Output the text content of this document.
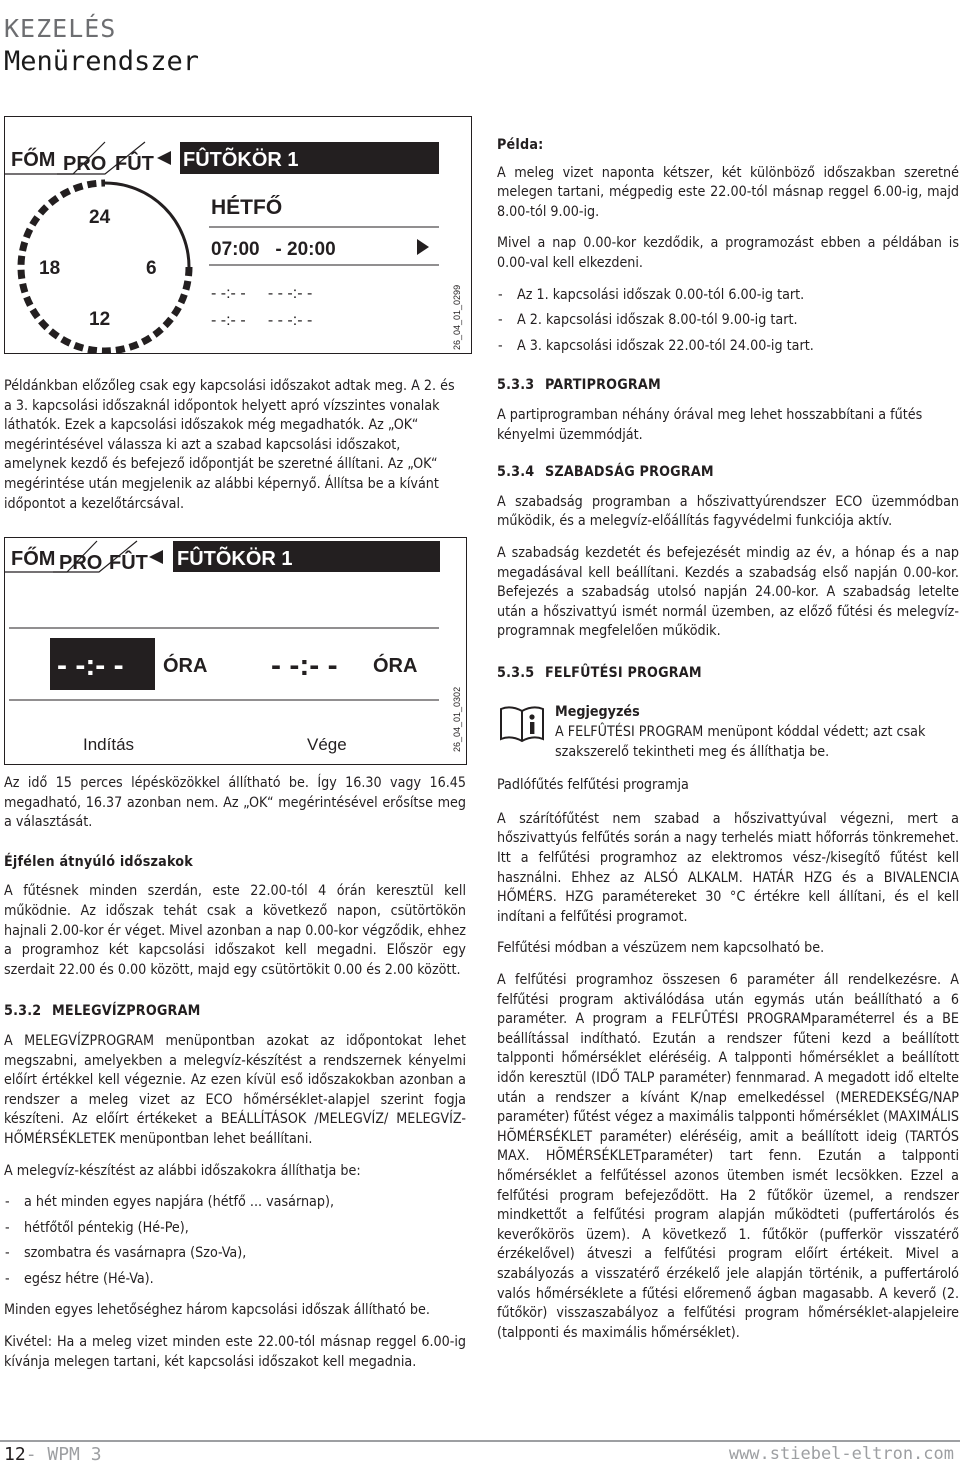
KEZELÉS
Menürendszer
FŐM PRO FÛT FÛTÕKÖR 1
24
18	6
12
HÉTFŐ
07:00   - 20:00
- -:- -     - - -:- -
- -:- -     - - -:- -	26_04_01_0299
FŐM PRO FÛT FÛTÕKÖR 1
- -:- - ÓRA - -:- - ÓRA
Indítás	Vége	26_04_01_0302

Példánkban előzőleg csak egy kapcsolási időszakot adtak meg. A 2. és a 3. kapcsolási időszaknál időpontok helyett apró vízszintes vonalak láthatók. Ezek a kapcsolási időszakok még megadhatók. Az „OK“ megérintésével válassza ki azt a szabad kapcsolási időszakot, amelynek kezdő és befejező időpontját be szeretné állítani. Az „OK“ megérintése után megjelenik az alábbi képernyő. Állítsa be a kívánt időpontot a kezelőtárcsával.

Az idő 15 perces lépésközökkel állítható be. Így 16.30 vagy 16.45 megadható, 16.37 azonban nem. Az „OK“ megérintésével erősítse meg a választását.

Éjfélen átnyúló időszakok

A fűtésnek minden szerdán, este 22.00-tól 4 órán keresztül kell működnie. Az időszak tehát csak a következő napon, csütörtökön hajnali 2.00-kor ér véget. Mivel azonban a nap 0.00-kor végződik, ehhez a programhoz két kapcsolási időszakot kell megadni. Először egy szerdait 22.00 és 0.00 között, majd egy csütörtökit 0.00 és 2.00 között.

5.3.2 MELEGVÍZPROGRAM

A MELEGVÍZPROGRAM menüpontban azokat az időpontokat lehet megszabni, amelyekben a melegvíz-készítést a rendszernek kényelmi előírt értékkel kell végeznie. Az ezen kívül eső időszakokban azonban a rendszer a meleg vizet az ECO hőmérséklet-alapjel szerint fogja készíteni. Az előírt értékeket a BEÁLLÍTÁSOK /MELEGVÍZ/ MELEGVÍZ-HŐMÉRSÉKLETEK menüpontban lehet beállítani.

A melegvíz-készítést az alábbi időszakokra állíthatja be:

- a hét minden egyes napjára (hétfő ... vasárnap),
- hétfőtől péntekig (Hé-Pe),
- szombatra és vasárnapra (Szo-Va),
- egész hétre (Hé-Va).

Minden egyes lehetőséghez három kapcsolási időszak állítható be.

Kivétel: Ha a meleg vizet minden este 22.00-tól másnap reggel 6.00-ig kívánja melegen tartani, két kapcsolási időszakot kell megadnia.

Példa:

A meleg vizet naponta kétszer, két különböző időszakban szeretné melegen tartani, mégpedig este 22.00-tól másnap reggel 6.00-ig, majd 8.00-tól 9.00-ig.

Mivel a nap 0.00-kor kezdődik, a programozást ebben a példában is 0.00-val kell elkezdeni.

- Az 1. kapcsolási időszak 0.00-tól 6.00-ig tart.
- A 2. kapcsolási időszak 8.00-tól 9.00-ig tart.
- A 3. kapcsolási időszak 22.00-tól 24.00-ig tart.
5.3.3 PARTIPROGRAM

A partiprogramban néhány órával meg lehet hosszabbítani a fűtés kényelmi üzemmódját.

5.3.4 SZABADSÁG PROGRAM

A szabadság programban a hőszivattyúrendszer ECO üzemmódban működik, és a melegvíz-előállítás fagyvédelmi funkciója aktív.

A szabadság kezdetét és befejezését mindig az év, a hónap és a nap megadásával kell beállítani. Kezdés a szabadság első napján 0.00-kor. Befejezés a szabadság utolsó napján 24.00-kor. A szabadság letelte után a hőszivattyú ismét normál üzemben, az előző fűtési és melegvíz-programnak megfelelően működik.

5.3.5 FELFÛTÉSI PROGRAM
Megjegyzés
A FELFÛTÉSI PROGRAM menüpont kóddal védett; azt csak szakszerelő tekintheti meg és állíthatja be.

Padlófűtés felfűtési programja

A szárítófűtést nem szabad a hőszivattyúval végezni, mert a hőszivattyús felfűtés során a nagy terhelés miatt hőforrás tönkremehet. Itt a felfűtési programhoz az elektromos vész-/kisegítő fűtést kell használni. Ehhez az ALSÓ ALKALM. HATÁR HZG és a BIVALENCIA HŐMÉRS. HZG paramétereket 30 °C értékre kell állítani, és el kell indítani a felfűtési programot.

Felfűtési módban a vészüzem nem kapcsolható be.

A felfűtési programhoz összesen 6 paraméter áll rendelkezésre. A felfűtési program aktiválódása után egymás után beállítható a 6 paraméter. A program a FELFÛTÉSI PROGRAMparaméterrel és a BE beállítással indítható. Ezután a rendszer fűteni kezd a beállított talpponti hőmérséklet eléréséig. A talpponti hőmérséklet a beállított időn keresztül (IDŐ TALP paraméter) fennmarad. A megadott idő eltelte után a rendszer a kívánt K/nap emelkedéssel (MEREDEKSÉG/NAP paraméter) fűtést végez a maximális talpponti hőmérséklet (MAXIMÁLIS HÕMÉRSÉKLET paraméter) eléréséig, amit a beállított ideig (TARTÓS MAX. HÕMÉRSÉKLETparaméter) tart fenn. Ezután a talpponti hőmérséklet a felfűtéssel azonos ütemben ismét lecsökken. Ezzel a felfűtési program befejeződött. Ha 2 fűtőkör üzemel, a rendszer mindkettőt a felfűtési program alapján működteti (puffertárolós és keverőkörös üzem). A következő 1. fűtőkör (pufferkör visszatérő érzékelővel) átveszi a felfűtési program előírt értékeit. Mivel a szabályozás a visszatérő érzékelő jele alapján történik, a puffertároló valós hőmérséklete a fűtési előremenő ágban magasabb. A keverő (2. fűtőkör) visszaszabályoz a felfűtési program hőmérséklet-alapjeleire (talpponti és maximális hőmérséklet).

12- WPM 3	www.stiebel-eltron.com
